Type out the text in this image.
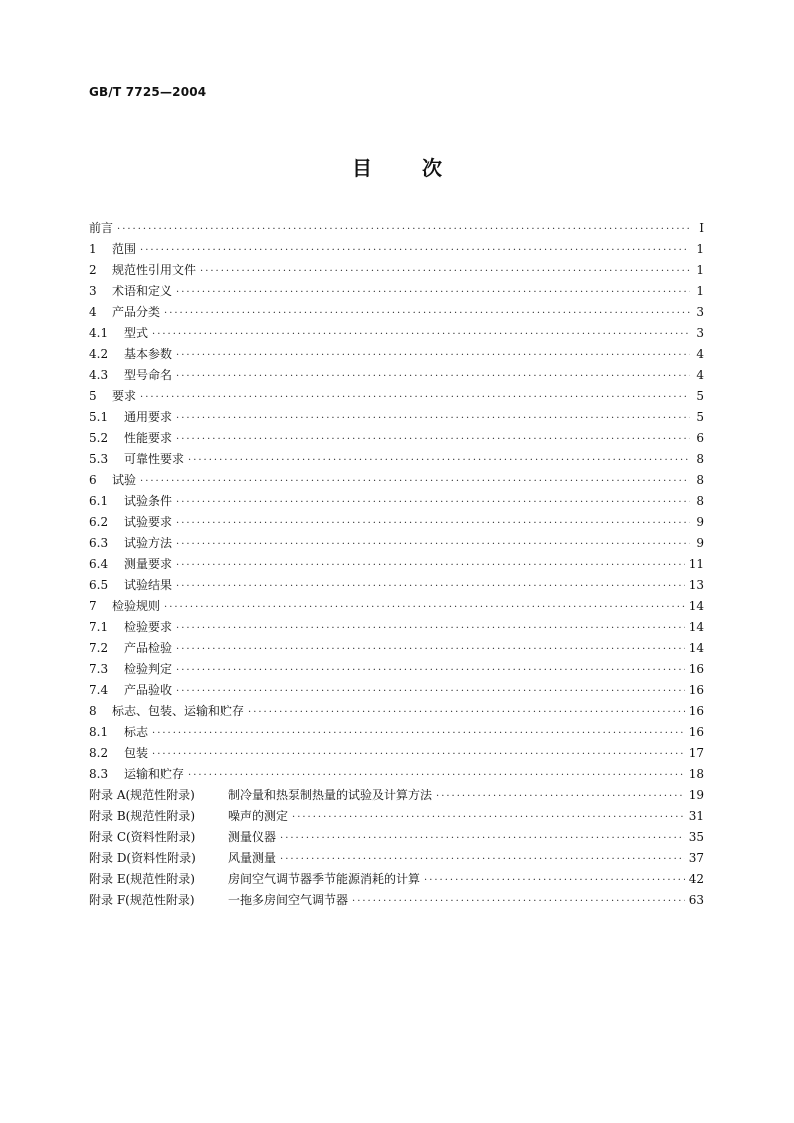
GB/T 7725—2004
目	次
前言 ·····	I
1	范围 ·····	1
2	规范性引用文件 ·····	1
3	术语和定义 ·····	1
4	产品分类 ·····	3
4.1	型式 ·····	3
4.2	基本参数 ·····	4
4.3	型号命名 ·····	4
5	要求 ·····	5
5.1	通用要求 ·····	5
5.2	性能要求 ·····	6
5.3	可靠性要求 ·····	8
6	试验 ·····	8
6.1	试验条件 ·····	8
6.2	试验要求 ·····	9
6.3	试验方法 ·····	9
6.4	测量要求 ·····	11
6.5	试验结果 ·····	13
7	检验规则 ·····	14
7.1	检验要求 ·····	14
7.2	产品检验 ·····	14
7.3	检验判定 ·····	16
7.4	产品验收 ·····	16
8	标志、包装、运输和贮存 ·····	16
8.1	标志 ·····	16
8.2	包装 ·····	17
8.3	运输和贮存 ·····	18
附录 A(规范性附录)	制冷量和热泵制热量的试验及计算方法 ·····	19
附录 B(规范性附录)	噪声的测定 ·····	31
附录 C(资料性附录)	测量仪器 ·····	35
附录 D(资料性附录)	风量测量 ·····	37
附录 E(规范性附录)	房间空气调节器季节能源消耗的计算 ·····	42
附录 F(规范性附录)	一拖多房间空气调节器 ·····	63
